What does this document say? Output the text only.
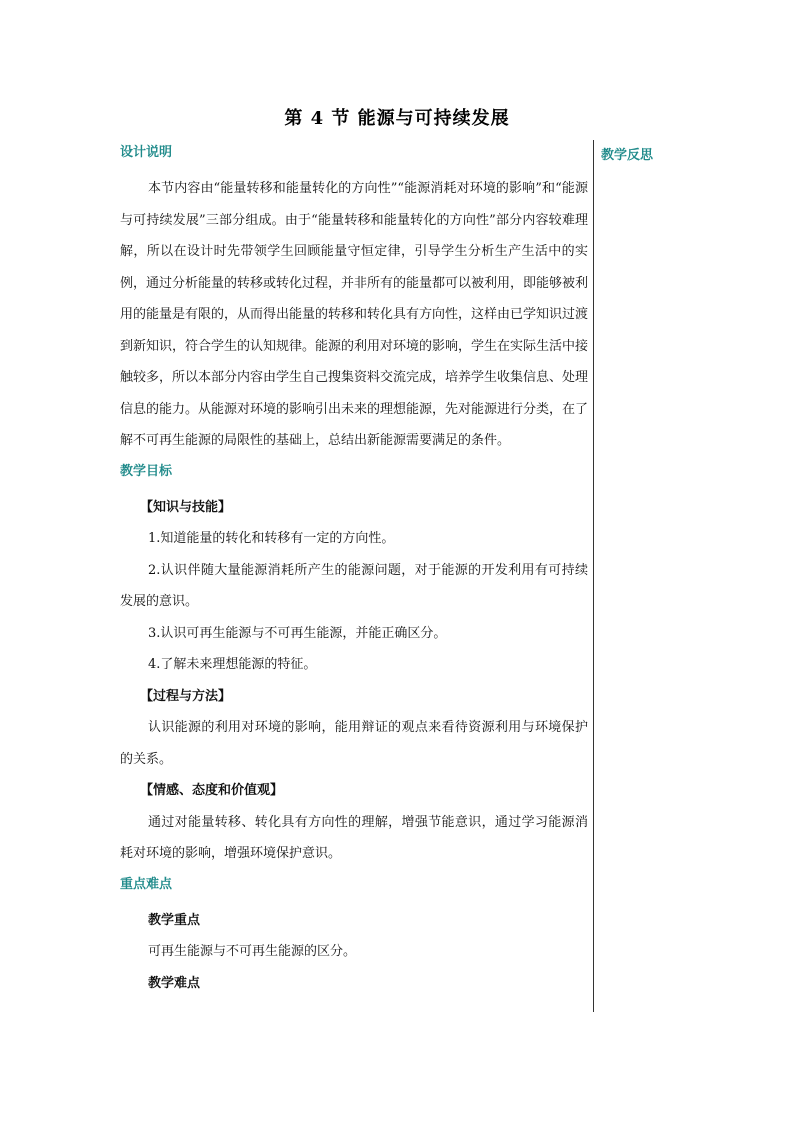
第 4 节 能源与可持续发展
教学反思
设计说明
本节内容由“能量转移和能量转化的方向性”“能源消耗对环境的影响”和“能源与可持续发展”三部分组成。由于“能量转移和能量转化的方向性”部分内容较难理解，所以在设计时先带领学生回顾能量守恒定律，引导学生分析生产生活中的实例，通过分析能量的转移或转化过程，并非所有的能量都可以被利用，即能够被利用的能量是有限的，从而得出能量的转移和转化具有方向性，这样由已学知识过渡到新知识，符合学生的认知规律。能源的利用对环境的影响，学生在实际生活中接触较多，所以本部分内容由学生自己搜集资料交流完成，培养学生收集信息、处理信息的能力。从能源对环境的影响引出未来的理想能源，先对能源进行分类，在了解不可再生能源的局限性的基础上，总结出新能源需要满足的条件。
教学目标
【知识与技能】
1.知道能量的转化和转移有一定的方向性。
2.认识伴随大量能源消耗所产生的能源问题，对于能源的开发利用有可持续发展的意识。
3.认识可再生能源与不可再生能源，并能正确区分。
4.了解未来理想能源的特征。
【过程与方法】
认识能源的利用对环境的影响，能用辩证的观点来看待资源利用与环境保护的关系。
【情感、态度和价值观】
通过对能量转移、转化具有方向性的理解，增强节能意识，通过学习能源消耗对环境的影响，增强环境保护意识。
重点难点
教学重点
可再生能源与不可再生能源的区分。
教学难点
